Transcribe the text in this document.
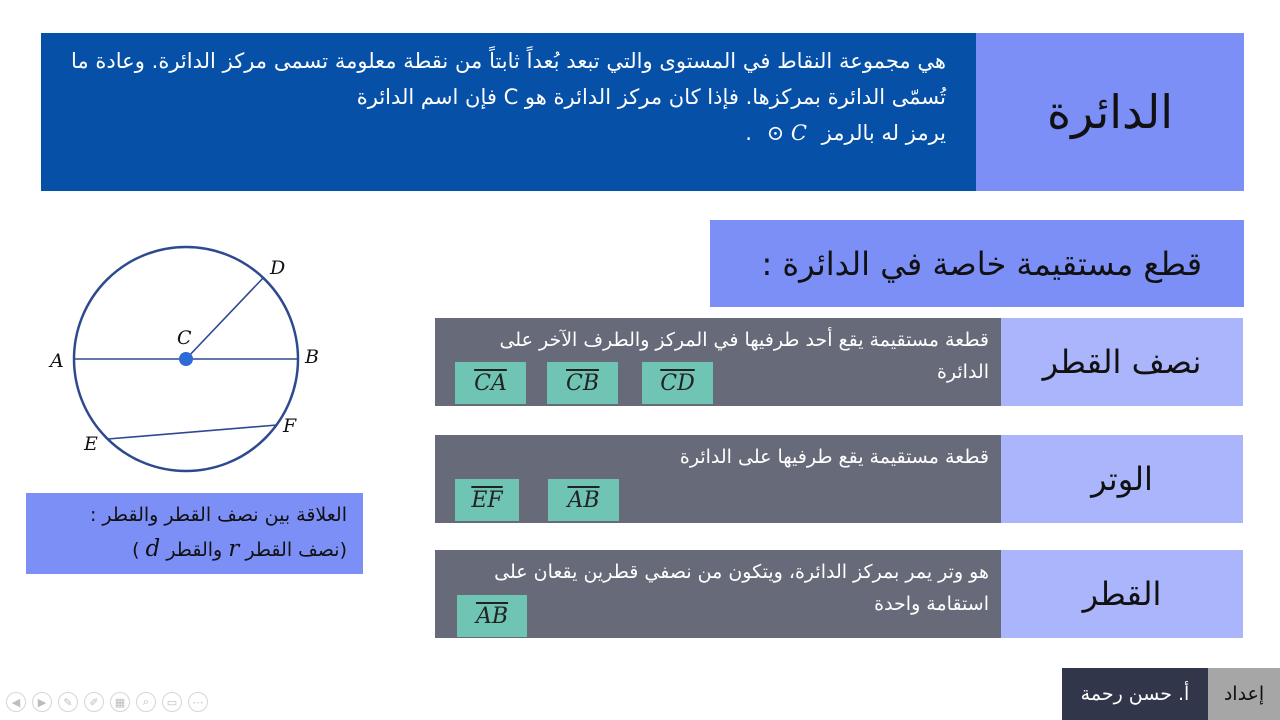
الدائرة
هي مجموعة النقاط في المستوى والتي تبعد بُعداً ثابتاً من نقطة معلومة تسمى مركز الدائرة. وعادة ما تُسمّى الدائرة بمركزها. فإذا كان مركز الدائرة هو C فإن اسم الدائرة
يرمز له بالرمز ⊙ C .
قطع مستقيمة خاصة في الدائرة :
قطعة مستقيمة يقع أحد طرفيها في المركز والطرف الآخر على الدائرة	نصف القطر
$\overline{CA}$	$\overline{CB}$	$\overline{CD}$
قطعة مستقيمة يقع طرفيها على الدائرة
الوتر
$\overline{EF}$	$\overline{AB}$
هو وتر يمر بمركز الدائرة، ويتكون من نصفي قطرين يقعان على استقامة واحدة	القطر
$\overline{AB}$
A	B
C
D
E
F
العلاقة بين نصف القطر والقطر :
(نصف القطر r والقطر d )
أ. حسن رحمة إعداد
◀	▶	✎	✐	▦	⌕	▭	⋯
